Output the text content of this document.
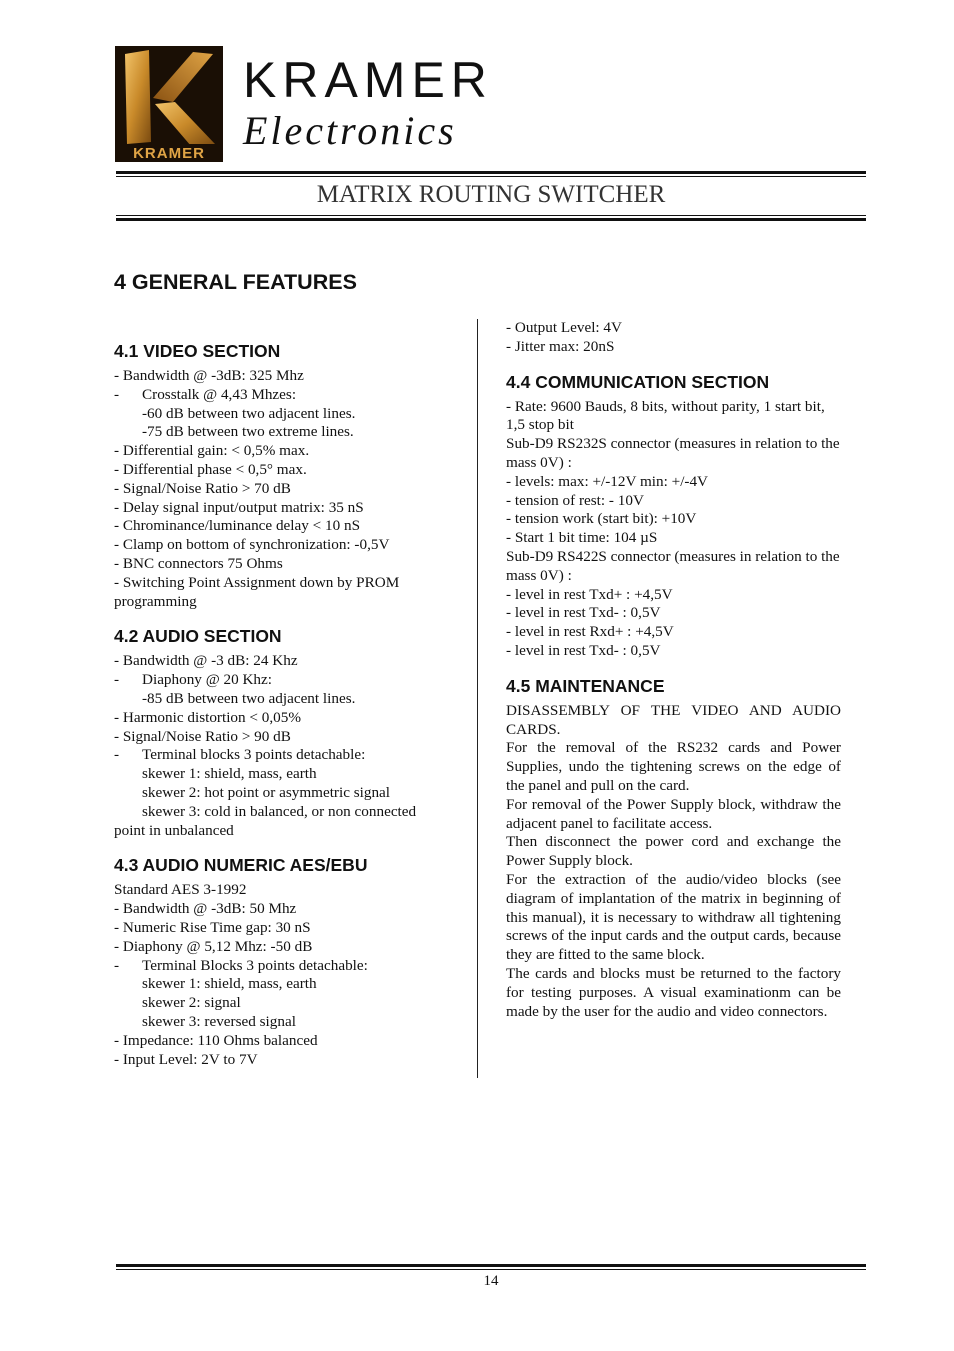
KRAMER
KRAMER
Electronics
MATRIX ROUTING SWITCHER
4 GENERAL FEATURES
4.1 VIDEO SECTION
- Bandwidth @ -3dB: 325 Mhz
- Crosstalk @ 4,43 Mhzes:
-60 dB between two adjacent lines.
-75 dB between two extreme lines.
- Differential gain: < 0,5% max.
- Differential phase < 0,5° max.
- Signal/Noise Ratio > 70 dB
- Delay signal input/output matrix: 35 nS
- Chrominance/luminance delay < 10 nS
- Clamp on bottom of synchronization: -0,5V
- BNC connectors 75 Ohms
- Switching Point Assignment down by PROM
programming
4.2 AUDIO SECTION
- Bandwidth @ -3 dB: 24 Khz
- Diaphony @ 20 Khz:
-85 dB between two adjacent lines.
- Harmonic distortion < 0,05%
- Signal/Noise Ratio > 90 dB
- Terminal blocks 3 points detachable:
skewer 1: shield, mass, earth
skewer 2: hot point or asymmetric signal
skewer 3: cold in balanced, or non connected
point in unbalanced
4.3 AUDIO NUMERIC AES/EBU
Standard AES 3-1992
- Bandwidth @ -3dB: 50 Mhz
- Numeric Rise Time gap: 30 nS
- Diaphony @ 5,12 Mhz: -50 dB
- Terminal Blocks 3 points detachable:
skewer 1: shield, mass, earth
skewer 2: signal
skewer 3: reversed signal
- Impedance: 110 Ohms balanced
- Input Level: 2V to 7V
- Output Level: 4V
- Jitter max: 20nS
4.4 COMMUNICATION SECTION
- Rate: 9600 Bauds, 8 bits, without parity, 1 start bit, 1,5 stop bit
Sub-D9 RS232S connector (measures in relation to the mass 0V) :
- levels: max: +/-12V min: +/-4V
- tension of rest: - 10V
- tension work (start bit): +10V
- Start 1 bit time: 104 µS
Sub-D9 RS422S connector (measures in relation to the mass 0V) :
- level in rest Txd+ : +4,5V
- level in rest Txd- : 0,5V
- level in rest Rxd+ : +4,5V
- level in rest Txd- : 0,5V
4.5 MAINTENANCE
DISASSEMBLY OF THE VIDEO AND AUDIO CARDS.
For the removal of the RS232 cards and Power Supplies, undo the tightening screws on the edge of the panel and pull on the card.
For removal of the Power Supply block, withdraw the adjacent panel to facilitate access.
Then disconnect the power cord and exchange the Power Supply block.
For the extraction of the audio/video blocks (see diagram of implantation of the matrix in beginning of this manual), it is necessary to withdraw all tightening screws of the input cards and the output cards, because they are fitted to the same block.
The cards and blocks must be returned to the factory for testing purposes. A visual examinationm can be made by the user for the audio and video connectors.
14
